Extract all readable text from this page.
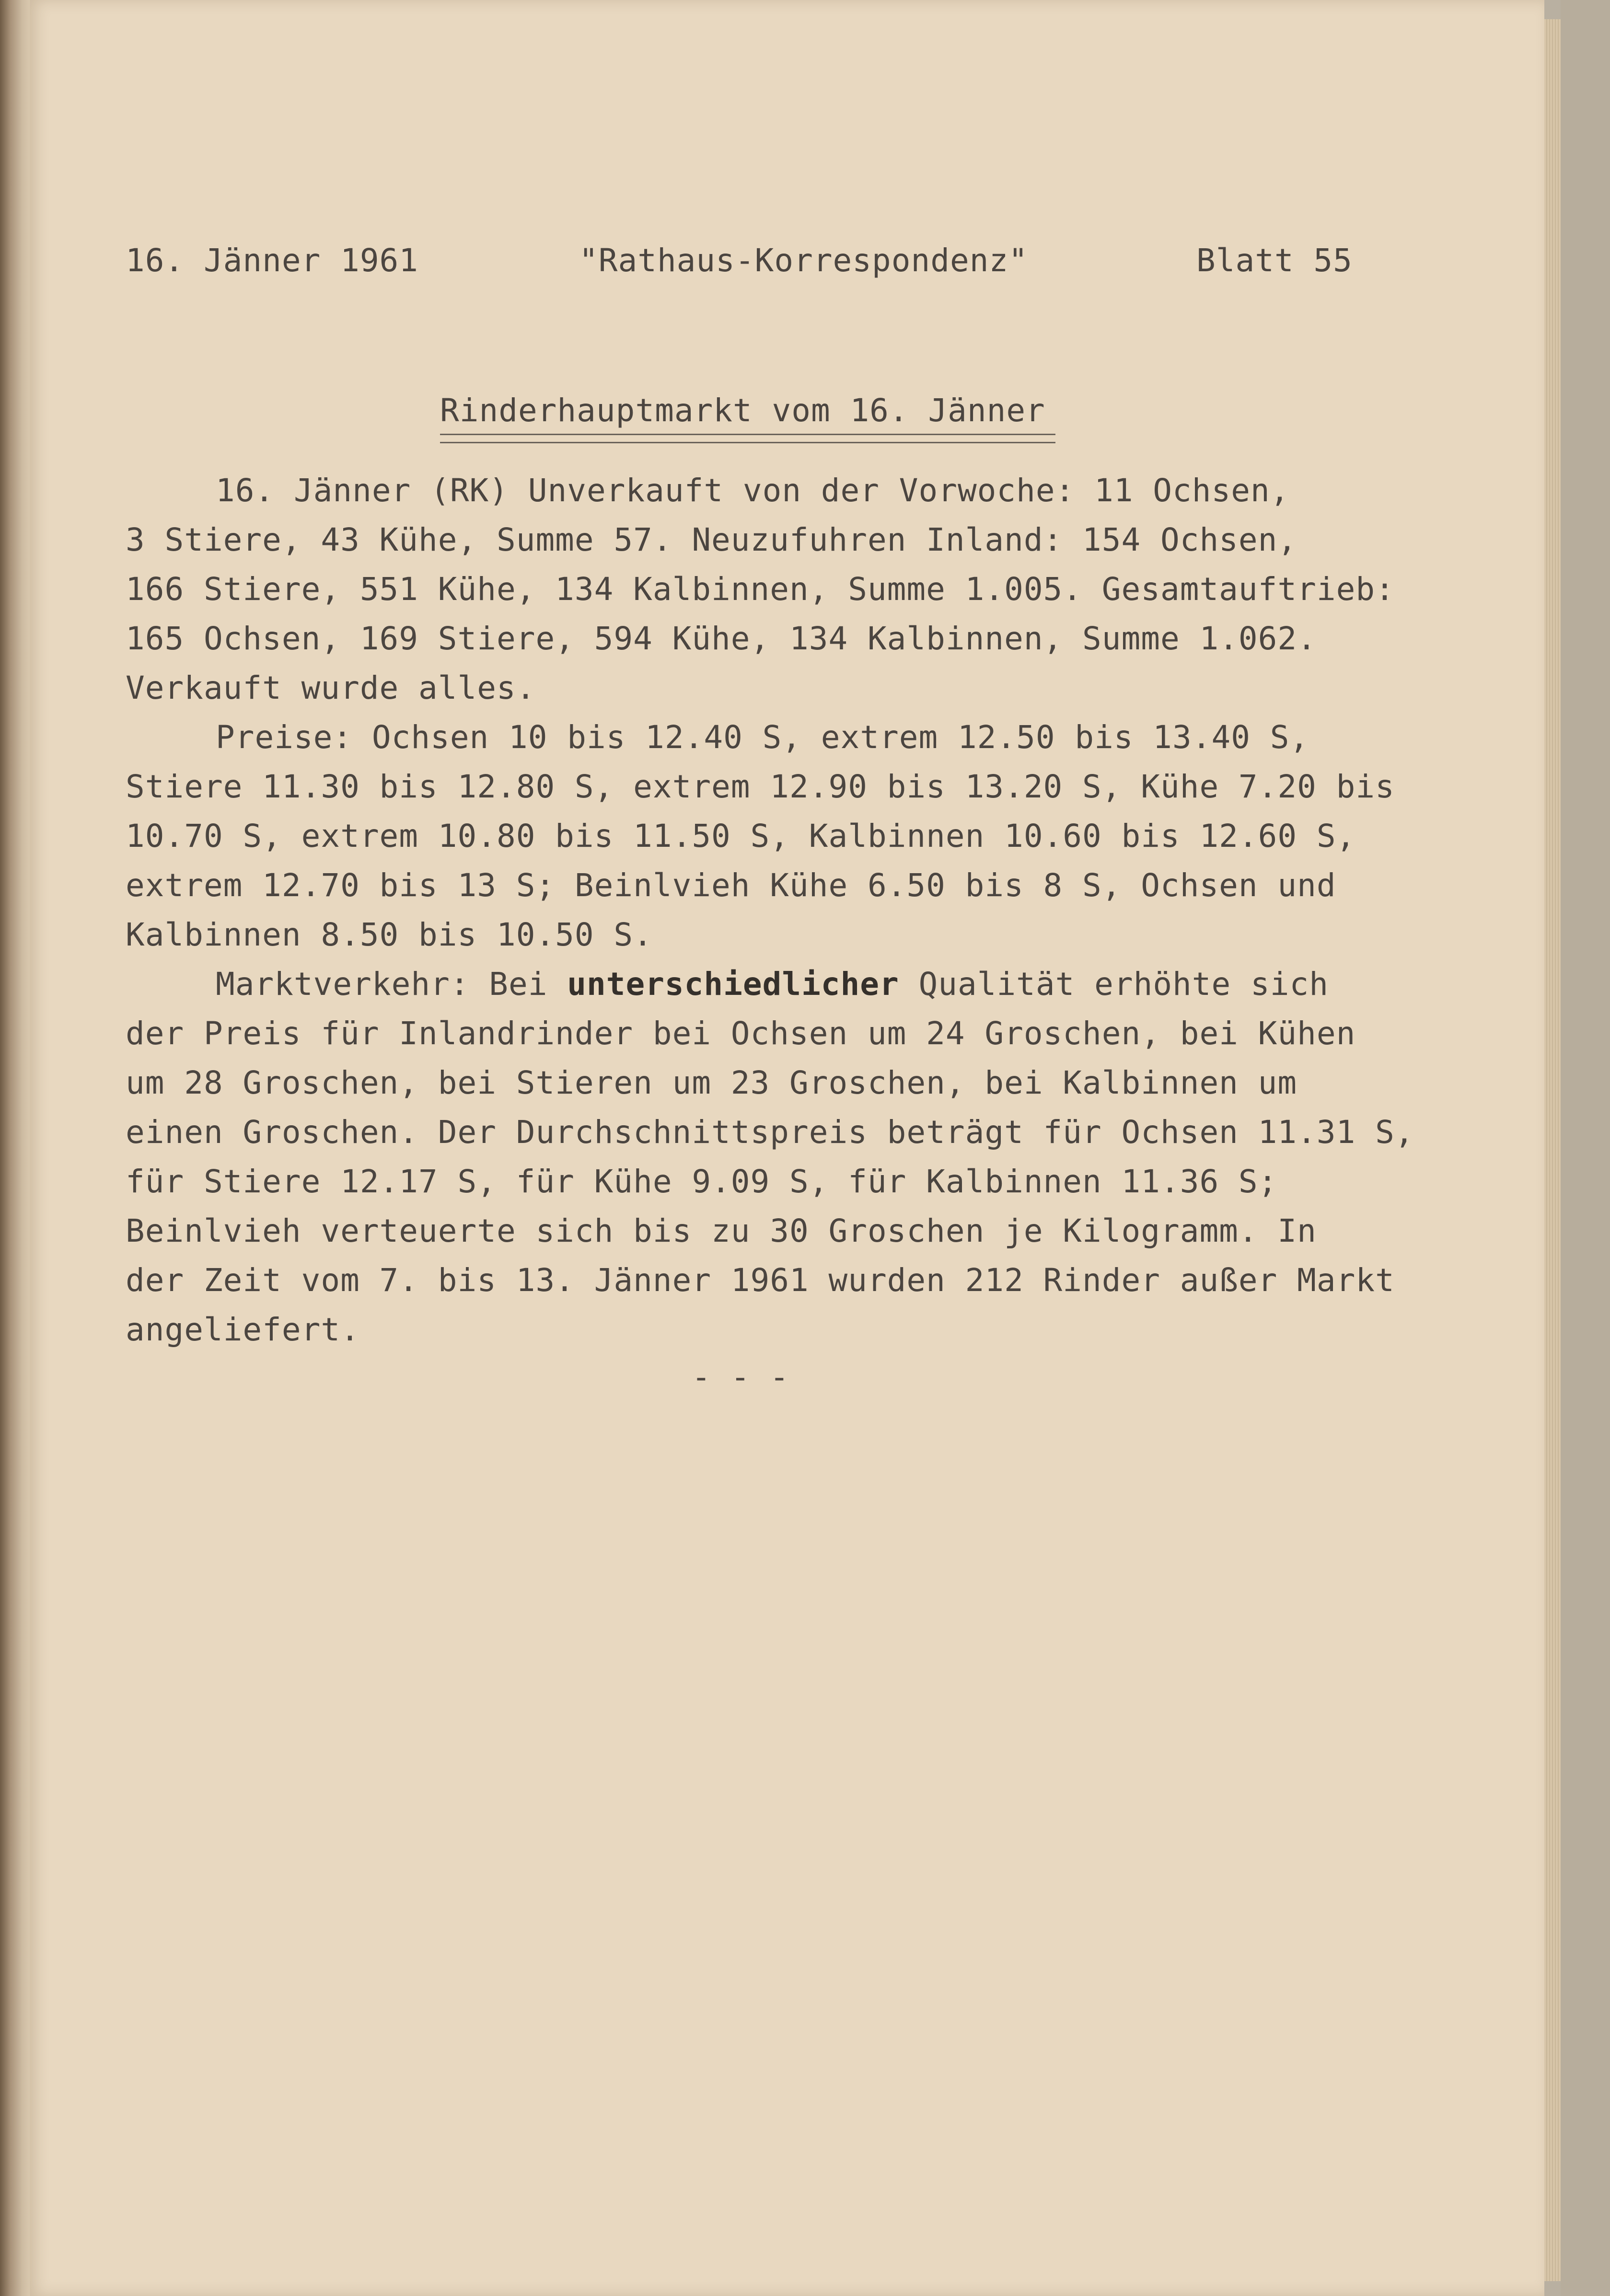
16. Jänner 1961	"Rathaus-Korrespondenz"	Blatt 55

Rinderhauptmarkt vom 16. Jänner

16. Jänner (RK) Unverkauft von der Vorwoche: 11 Ochsen,

3 Stiere, 43 Kühe, Summe 57. Neuzufuhren Inland: 154 Ochsen,

166 Stiere, 551 Kühe, 134 Kalbinnen, Summe 1.005. Gesamtauftrieb:

165 Ochsen, 169 Stiere, 594 Kühe, 134 Kalbinnen, Summe 1.062.

Verkauft wurde alles.

Preise: Ochsen 10 bis 12.40 S, extrem 12.50 bis 13.40 S,

Stiere 11.30 bis 12.80 S, extrem 12.90 bis 13.20 S, Kühe 7.20 bis

10.70 S, extrem 10.80 bis 11.50 S, Kalbinnen 10.60 bis 12.60 S,

extrem 12.70 bis 13 S; Beinlvieh Kühe 6.50 bis 8 S, Ochsen und

Kalbinnen 8.50 bis 10.50 S.

Marktverkehr: Bei unterschiedlicher Qualität erhöhte sich

der Preis für Inlandrinder bei Ochsen um 24 Groschen, bei Kühen

um 28 Groschen, bei Stieren um 23 Groschen, bei Kalbinnen um

einen Groschen. Der Durchschnittspreis beträgt für Ochsen 11.31 S,

für Stiere 12.17 S, für Kühe 9.09 S, für Kalbinnen 11.36 S;

Beinlvieh verteuerte sich bis zu 30 Groschen je Kilogramm. In

der Zeit vom 7. bis 13. Jänner 1961 wurden 212 Rinder außer Markt

angeliefert.

- - -
